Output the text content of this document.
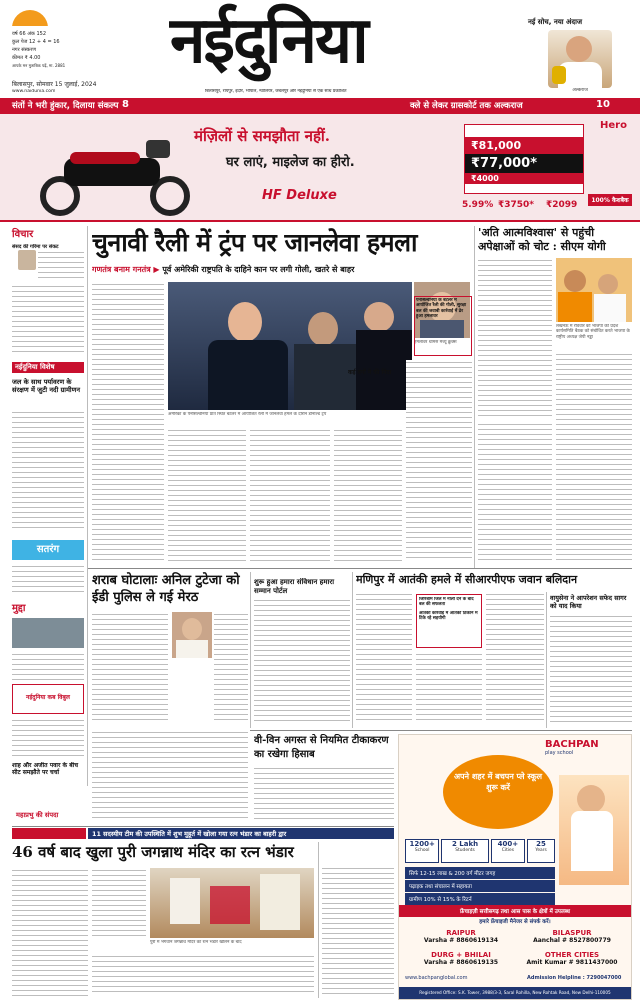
वर्ष 66 अंक 152
कुल पेज 12 + 4 = 16
नगर संस्करण
कीमत ₹ 4.00
आपके मन मुताबिक पढ़ें, मा. 2881	नईदुनिया	नई सोच, नया अंदाज
अल्कराज
बिलासपुर, सोमवार 15 जुलाई, 2024
www.naidunia.com	बिलासपुर, रायपुर, इंदौर, भोपाल, ग्वालियर, जबलपुर और नईदुनिया से एक साथ प्रकाशित
संतों ने भरी हुंकार, दिलाया संकल्प 8	क्ले से लेकर ग्रासकोर्ट तक अल्कराज	10
मंज़िलों से समझौता नहीं.
घर लाएं, माइलेज का हीरो.
HF Deluxe
Hero
₹81,000
₹77,000*
₹4000
5.99% ₹3750* ₹2099	100% कैशबैक
विचार
संसद की गरिमा पर संकट
नईदुनिया विशेष
जल के साथ पर्यावरण के संरक्षण में जुटी नदी ग्रामीणन
सतरंग
मुद्दा
नईदुनिया कब विबुल
शाह और अजीत पवार के बीच सीट समझौते पर चर्चा
चुनावी रैली में ट्रंप पर जानलेवा हमला
गणतंत्र बनाम गनतंत्र ▶ पूर्व अमेरिकी राष्ट्रपति के दाहिने कान पर लगी गोली, खतरे से बाहर
हमलावर थामस मैथ्यू क्रुक्स
अमेरिका के पेनसिल्वेनिया प्रांत स्थित बटलर में आयोजित रैली में जानलेवा हमले के दौरान डोनाल्ड ट्रंप
पेनसिल्वेनिया के बटलर में आयोजित रैली की गोली, सुरक्षा बल की जवाबी कार्रवाई में ढेर हुआ हमलावर
कई दंगों ने की निंदा
'अति आत्मविश्वास' से पहुंची अपेक्षाओं को चोट : सीएम योगी
लखनऊ में रविवार को भाजपा की प्रदेश कार्यसमिति बैठक को संबोधित करते भाजपा के राष्ट्रीय अध्यक्ष जेपी नड्डा
शराब घोटालाः अनिल टुटेजा को ईडी पुलिस ले गई मेरठ
शुरू हुआ हमारा संविधान हमारा सम्मान पोर्टल
मणिपुर में आतंकी हमले में सीआरपीएफ जवान बलिदान
जिरिबाम जिले में नाली देने के बाद बल की सफलता
आतंकी कार्रवाई में आतंकी ठिकाने में टिके रहे सहयोगी
वायुसेना ने आपरेशन सफेद सागर को याद किया
वी-विन अगस्त से नियमित टीकाकरण का रखेगा हिसाब
BACHPAN
play school
अपने शहर में बचपन प्ले स्कूल शुरू करें
1200+
School
2 Lakh
Students
400+
Cities
25
Years
सिर्फ 12-15 लाख & 200 वर्ग मीटर जगह
पढ़ाइक तथा संचालन में सहायता
ग्रामीण 10% से 15% के रिटर्न
फ्रेंचाइज़ी सत्तीसगढ़ तथा आस पास के क्षेत्रों में उपलब्ध
हमारे फ्रेंचाइजी मैनेजर से संपर्क करें।
RAIPUR
Varsha # 8860619134
BILASPUR
Aanchal # 8527800779
DURG + BHILAI
Varsha # 8860619135
OTHER CITIES
Amit Kumar # 9811437000
www.bachpanglobal.com	Admission Helpline : 7290047000
Registered Office: S.K. Tower, 3988/3-3, Saral Rohilla, New Rohtak Road, New Delhi-110005
महाप्रभु की संपदा
11 सदस्यीय टीम की उपस्थिति में शुभ मुहूर्त में खोला गया रत्न भंडार का बाहरी द्वार
46 वर्ष बाद खुला पुरी जगन्नाथ मंदिर का रत्न भंडार
पुरी में भगवान जगन्नाथ मंदिर का रत्न भंडार खोलने के बाद
